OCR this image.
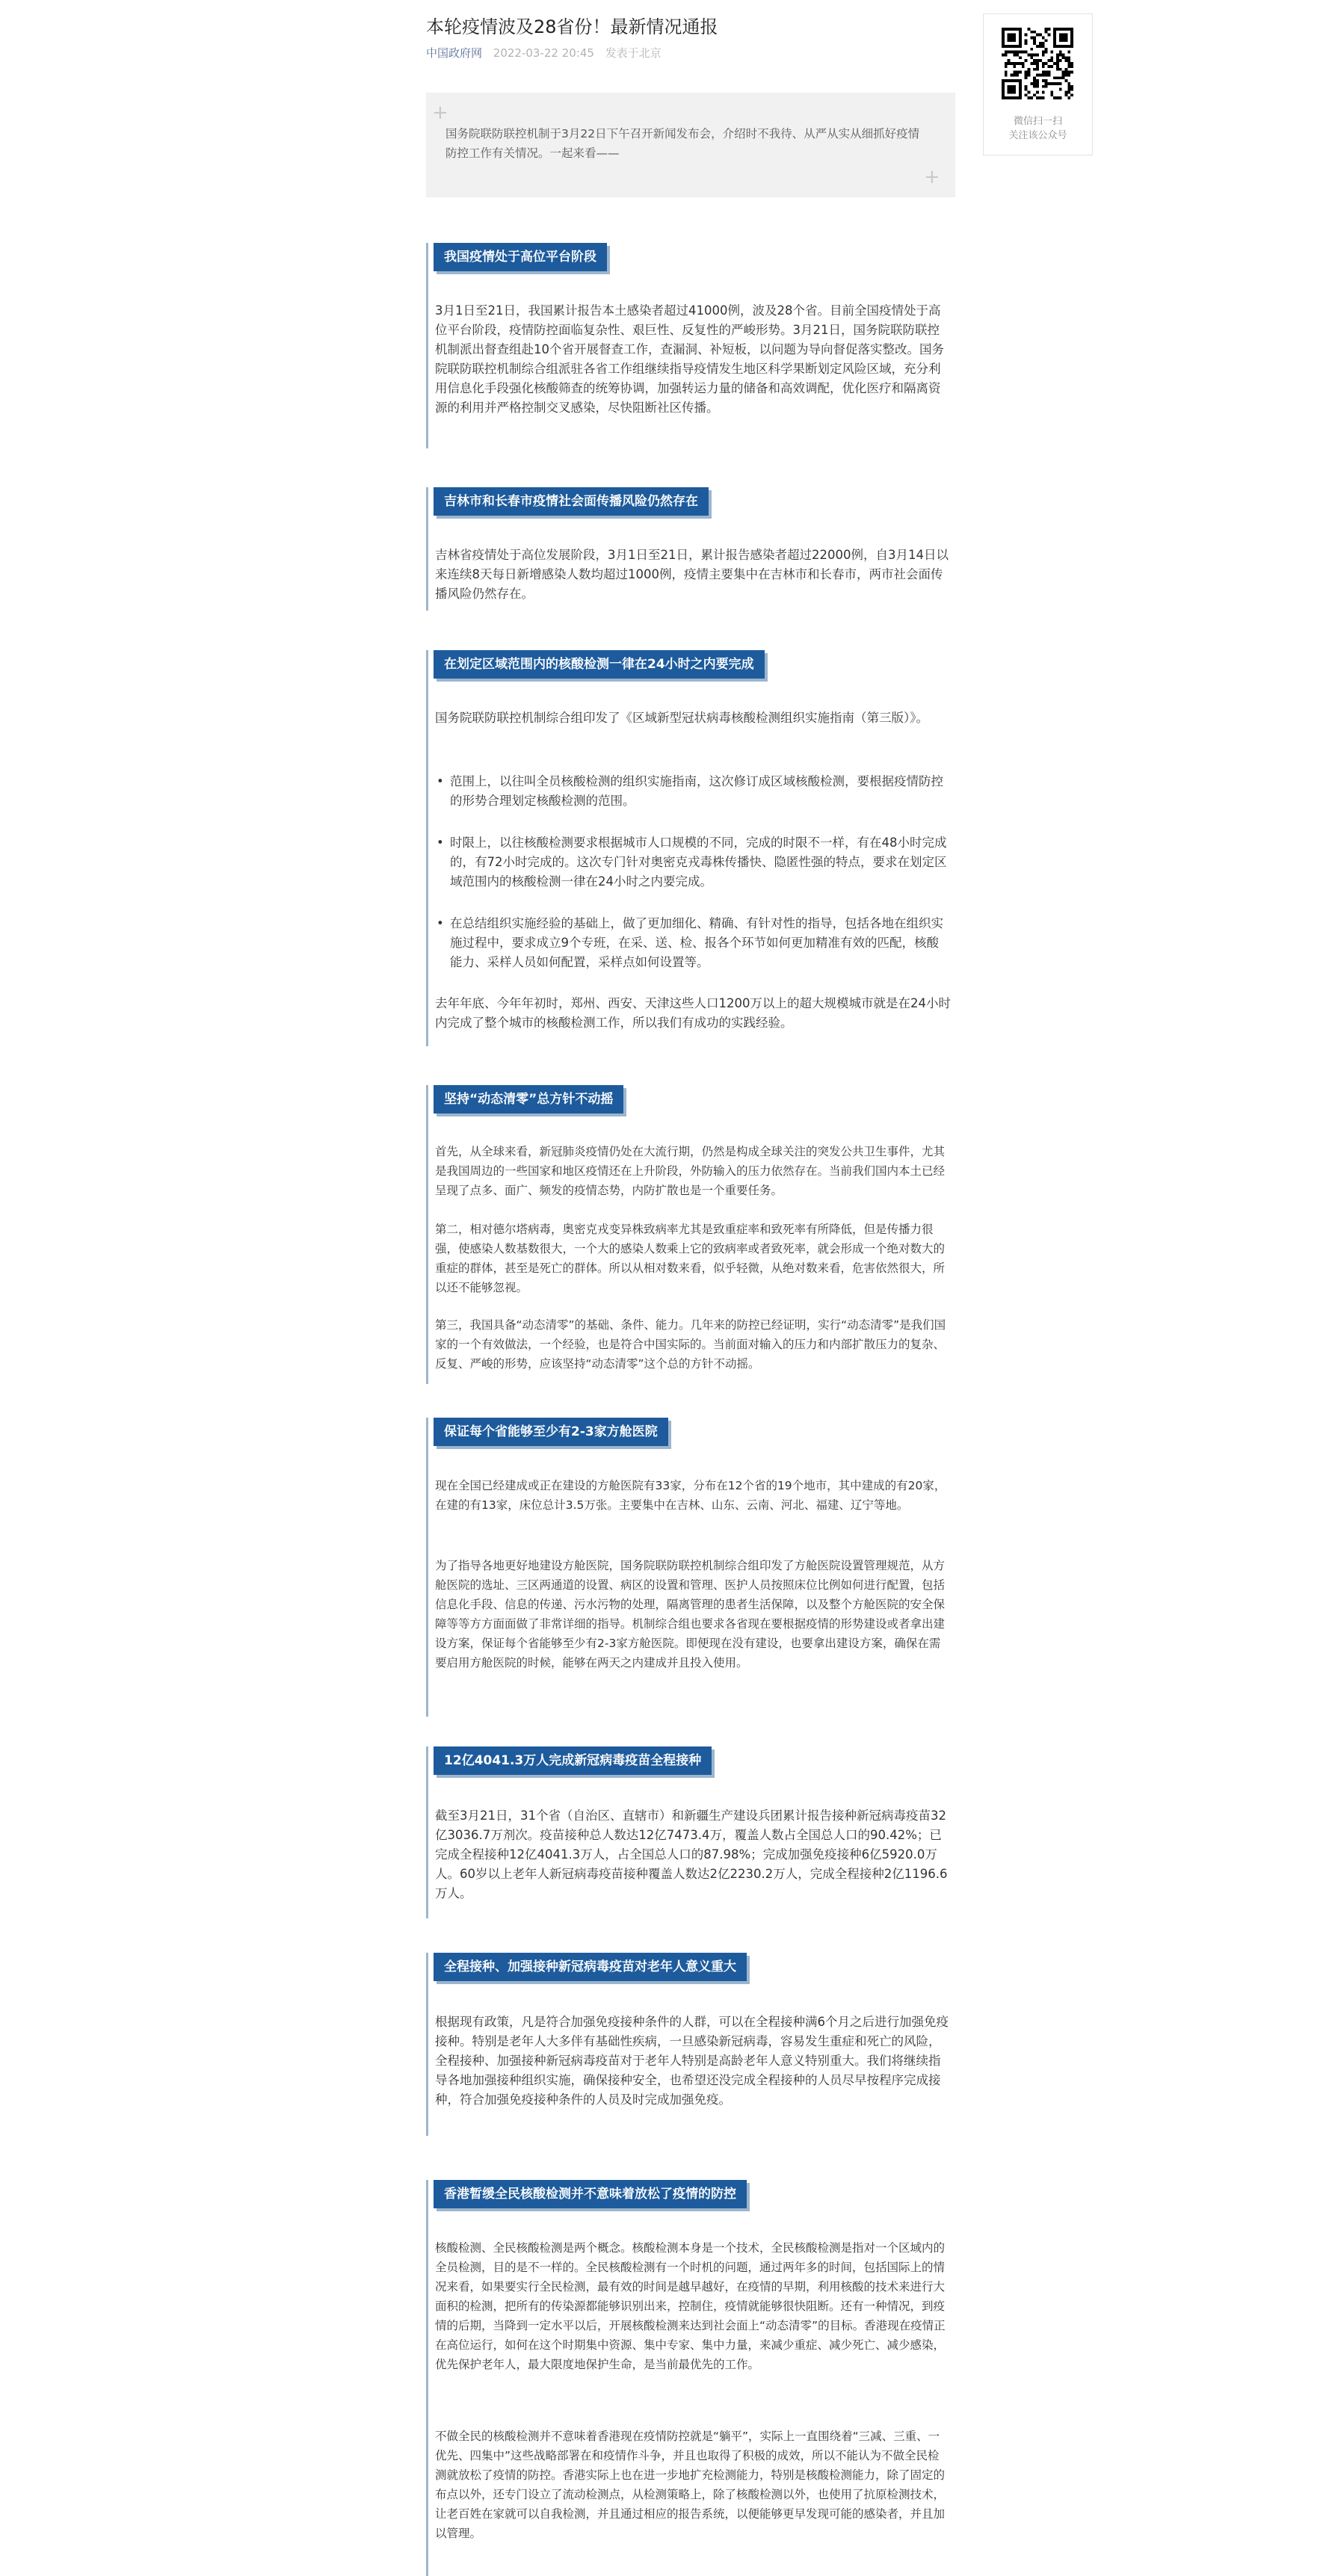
本轮疫情波及28省份！最新情况通报
中国政府网 2022-03-22 20:45 发表于北京
+
+
国务院联防联控机制于3月22日下午召开新闻发布会，介绍时不我待、从严从实从细抓好疫情防控工作有关情况。一起来看——
我国疫情处于高位平台阶段
3月1日至21日，我国累计报告本土感染者超过41000例，波及28个省。目前全国疫情处于高位平台阶段，疫情防控面临复杂性、艰巨性、反复性的严峻形势。3月21日，国务院联防联控机制派出督查组赴10个省开展督查工作，查漏洞、补短板，以问题为导向督促落实整改。国务院联防联控机制综合组派驻各省工作组继续指导疫情发生地区科学果断划定风险区域，充分利用信息化手段强化核酸筛查的统筹协调，加强转运力量的储备和高效调配，优化医疗和隔离资源的利用并严格控制交叉感染，尽快阻断社区传播。
吉林市和长春市疫情社会面传播风险仍然存在
吉林省疫情处于高位发展阶段，3月1日至21日，累计报告感染者超过22000例，自3月14日以来连续8天每日新增感染人数均超过1000例，疫情主要集中在吉林市和长春市，两市社会面传播风险仍然存在。
在划定区域范围内的核酸检测一律在24小时之内要完成
国务院联防联控机制综合组印发了《区域新型冠状病毒核酸检测组织实施指南（第三版）》。
• 范围上，以往叫全员核酸检测的组织实施指南，这次修订成区域核酸检测，要根据疫情防控的形势合理划定核酸检测的范围。
• 时限上，以往核酸检测要求根据城市人口规模的不同，完成的时限不一样，有在48小时完成的，有72小时完成的。这次专门针对奥密克戎毒株传播快、隐匿性强的特点，要求在划定区域范围内的核酸检测一律在24小时之内要完成。
• 在总结组织实施经验的基础上，做了更加细化、精确、有针对性的指导，包括各地在组织实施过程中，要求成立9个专班，在采、送、检、报各个环节如何更加精准有效的匹配，核酸能力、采样人员如何配置，采样点如何设置等。
去年年底、今年年初时，郑州、西安、天津这些人口1200万以上的超大规模城市就是在24小时内完成了整个城市的核酸检测工作，所以我们有成功的实践经验。
坚持“动态清零”总方针不动摇
首先，从全球来看，新冠肺炎疫情仍处在大流行期，仍然是构成全球关注的突发公共卫生事件，尤其是我国周边的一些国家和地区疫情还在上升阶段，外防输入的压力依然存在。当前我们国内本土已经呈现了点多、面广、频发的疫情态势，内防扩散也是一个重要任务。
第二，相对德尔塔病毒，奥密克戎变异株致病率尤其是致重症率和致死率有所降低，但是传播力很强，使感染人数基数很大，一个大的感染人数乘上它的致病率或者致死率，就会形成一个绝对数大的重症的群体，甚至是死亡的群体。所以从相对数来看，似乎轻微，从绝对数来看，危害依然很大，所以还不能够忽视。
第三，我国具备“动态清零”的基础、条件、能力。几年来的防控已经证明，实行“动态清零”是我们国家的一个有效做法，一个经验，也是符合中国实际的。当前面对输入的压力和内部扩散压力的复杂、反复、严峻的形势，应该坚持“动态清零”这个总的方针不动摇。
保证每个省能够至少有2-3家方舱医院
现在全国已经建成或正在建设的方舱医院有33家，分布在12个省的19个地市，其中建成的有20家，在建的有13家，床位总计3.5万张。主要集中在吉林、山东、云南、河北、福建、辽宁等地。
为了指导各地更好地建设方舱医院，国务院联防联控机制综合组印发了方舱医院设置管理规范，从方舱医院的选址、三区两通道的设置、病区的设置和管理、医护人员按照床位比例如何进行配置，包括信息化手段、信息的传递、污水污物的处理，隔离管理的患者生活保障，以及整个方舱医院的安全保障等等方方面面做了非常详细的指导。机制综合组也要求各省现在要根据疫情的形势建设或者拿出建设方案，保证每个省能够至少有2-3家方舱医院。即便现在没有建设，也要拿出建设方案，确保在需要启用方舱医院的时候，能够在两天之内建成并且投入使用。
12亿4041.3万人完成新冠病毒疫苗全程接种
截至3月21日，31个省（自治区、直辖市）和新疆生产建设兵团累计报告接种新冠病毒疫苗32亿3036.7万剂次。疫苗接种总人数达12亿7473.4万，覆盖人数占全国总人口的90.42%；已完成全程接种12亿4041.3万人，占全国总人口的87.98%；完成加强免疫接种6亿5920.0万人。60岁以上老年人新冠病毒疫苗接种覆盖人数达2亿2230.2万人，完成全程接种2亿1196.6万人。
全程接种、加强接种新冠病毒疫苗对老年人意义重大
根据现有政策，凡是符合加强免疫接种条件的人群，可以在全程接种满6个月之后进行加强免疫接种。特别是老年人大多伴有基础性疾病，一旦感染新冠病毒，容易发生重症和死亡的风险，全程接种、加强接种新冠病毒疫苗对于老年人特别是高龄老年人意义特别重大。我们将继续指导各地加强接种组织实施，确保接种安全，也希望还没完成全程接种的人员尽早按程序完成接种，符合加强免疫接种条件的人员及时完成加强免疫。
香港暂缓全民核酸检测并不意味着放松了疫情的防控
核酸检测、全民核酸检测是两个概念。核酸检测本身是一个技术，全民核酸检测是指对一个区域内的全员检测，目的是不一样的。全民核酸检测有一个时机的问题，通过两年多的时间，包括国际上的情况来看，如果要实行全民检测，最有效的时间是越早越好，在疫情的早期，利用核酸的技术来进行大面积的检测，把所有的传染源都能够识别出来，控制住，疫情就能够很快阻断。还有一种情况，到疫情的后期，当降到一定水平以后，开展核酸检测来达到社会面上“动态清零”的目标。香港现在疫情正在高位运行，如何在这个时期集中资源、集中专家、集中力量，来减少重症、减少死亡、减少感染，优先保护老年人，最大限度地保护生命，是当前最优先的工作。
不做全民的核酸检测并不意味着香港现在疫情防控就是“躺平”，实际上一直围绕着“三减、三重、一优先、四集中”这些战略部署在和疫情作斗争，并且也取得了积极的成效，所以不能认为不做全民检测就放松了疫情的防控。香港实际上也在进一步地扩充检测能力，特别是核酸检测能力，除了固定的布点以外，还专门设立了流动检测点，从检测策略上，除了核酸检测以外，也使用了抗原检测技术，让老百姓在家就可以自我检测，并且通过相应的报告系统，以便能够更早发现可能的感染者，并且加以管理。
微信扫一扫
关注该公众号
